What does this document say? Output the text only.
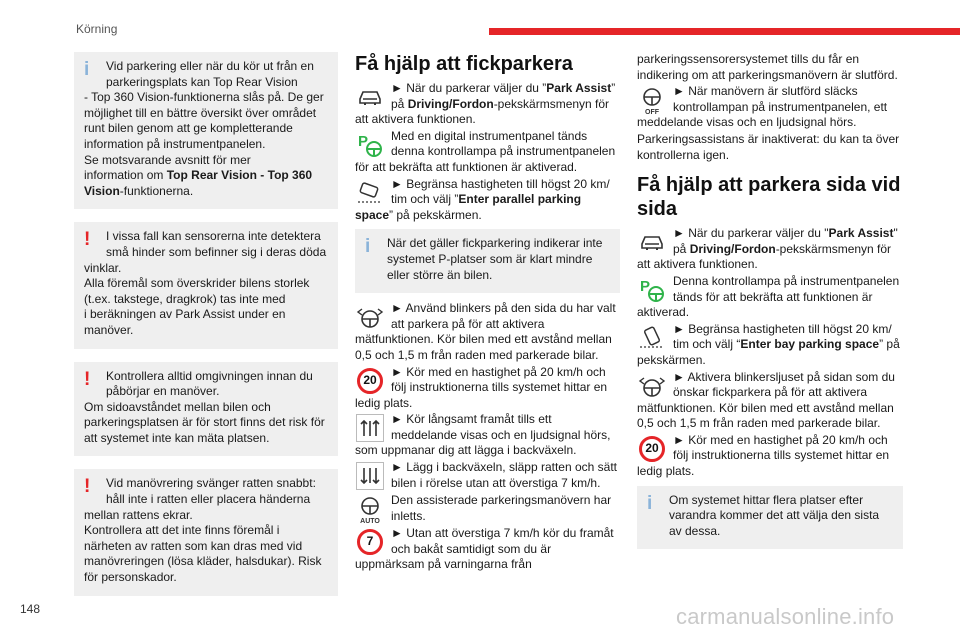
Körning
i	Vid parkering eller när du kör ut från en
parkeringsplats kan Top Rear Vision
- Top 360 Vision-funktionerna slås på. De ger
möjlighet till en bättre översikt över området
runt bilen genom att ge kompletterande
information på instrumentpanelen.
Se motsvarande avsnitt för mer
information om Top Rear Vision - Top 360
Vision-funktionerna.
!	I vissa fall kan sensorerna inte detektera
små hinder som befinner sig i deras döda
vinklar.
Alla föremål som överskrider bilens storlek
(t.ex. takstege, dragkrok) tas inte med
i beräkningen av Park Assist under en
manöver.
!	Kontrollera alltid omgivningen innan du
påbörjar en manöver.
Om sidoavståndet mellan bilen och
parkeringsplatsen är för stort finns det risk för
att systemet inte kan mäta platsen.
!	Vid manövrering svänger ratten snabbt:
håll inte i ratten eller placera händerna
mellan rattens ekrar.
Kontrollera att det inte finns föremål i
närheten av ratten som kan dras med vid
manövreringen (lösa kläder, halsdukar). Risk
för personskador.
Få hjälp att fickparkera
► När du parkerar väljer du ”Park Assist” på Driving/Fordon-pekskärmsmenyn för att aktivera funktionen.
P Med en digital instrumentpanel tänds denna kontrollampa på instrumentpanelen för att bekräfta att funktionen är aktiverad.
► Begränsa hastigheten till högst 20 km/ tim och välj ”Enter parallel parking space” på pekskärmen.
i	När det gäller fickparkering indikerar inte systemet P-platser som är klart mindre eller större än bilen.
► Använd blinkers på den sida du har valt att parkera på för att aktivera mätfunktionen. Kör bilen med ett avstånd mellan 0,5 och 1,5 m från raden med parkerade bilar.
20
► Kör med en hastighet på 20 km/h och följ instruktionerna tills systemet hittar en ledig plats.
► Kör långsamt framåt tills ett meddelande visas och en ljudsignal hörs, som uppmanar dig att lägga i backväxeln.
► Lägg i backväxeln, släpp ratten och sätt bilen i rörelse utan att överstiga 7 km/h.
AUTO
Den assisterade parkeringsmanövern har inletts.
7
► Utan att överstiga 7 km/h kör du framåt och bakåt samtidigt som du är uppmärksam på varningarna från
parkeringssensorersystemet tills du får en indikering om att parkeringsmanövern är slutförd.
OFF
► När manövern är slutförd släcks kontrollampan på instrumentpanelen, ett meddelande visas och en ljudsignal hörs.
Parkeringsassistans är inaktiverat: du kan ta över kontrollerna igen.
Få hjälp att parkera sida vid sida
► När du parkerar väljer du "Park Assist" på Driving/Fordon-pekskärmsmenyn för att aktivera funktionen.
P Denna kontrollampa på instrumentpanelen tänds för att bekräfta att funktionen är aktiverad.
► Begränsa hastigheten till högst 20 km/ tim och välj “Enter bay parking space” på pekskärmen.
► Aktivera blinkersljuset på sidan som du önskar fickparkera på för att aktivera mätfunktionen. Kör bilen med ett avstånd mellan 0,5 och 1,5 m från raden med parkerade bilar.
20
► Kör med en hastighet på 20 km/h och följ instruktionerna tills systemet hittar en ledig plats.
i	Om systemet hittar flera platser efter varandra kommer det att välja den sista av dessa.
148	carmanualsonline.info
